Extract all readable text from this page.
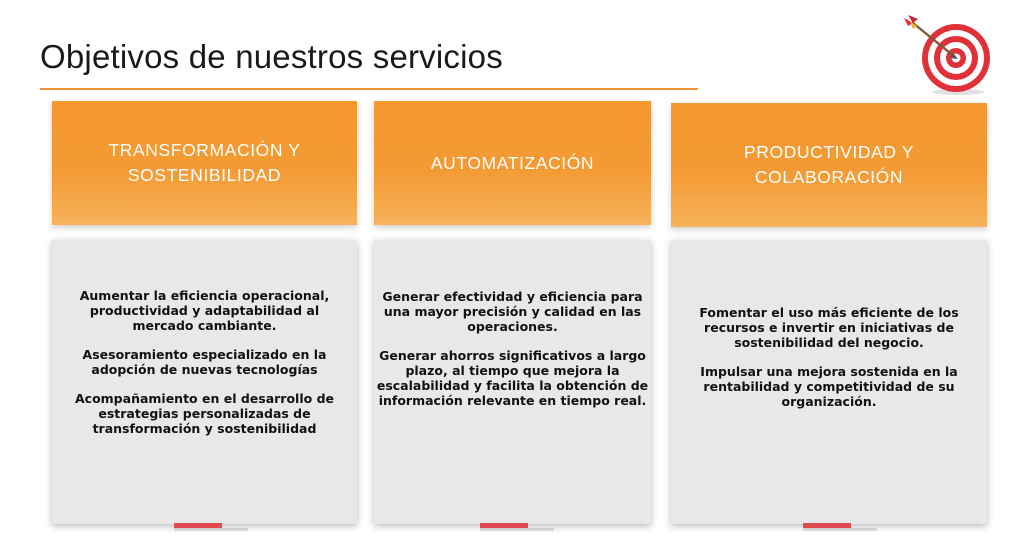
Objetivos de nuestros servicios
TRANSFORMACIÓN Y SOSTENIBILIDAD

Aumentar la eficiencia operacional, productividad y adaptabilidad al mercado cambiante.

Asesoramiento especializado en la adopción de nuevas tecnologías

Acompañamiento en el desarrollo de estrategias personalizadas de transformación y sostenibilidad

AUTOMATIZACIÓN

Generar efectividad y eficiencia para una mayor precisión y calidad en las operaciones.

Generar ahorros significativos a largo plazo, al tiempo que mejora la escalabilidad y facilita la obtención de información relevante en tiempo real.

PRODUCTIVIDAD Y COLABORACIÓN

Fomentar el uso más eficiente de los recursos e invertir en iniciativas de sostenibilidad del negocio.

Impulsar una mejora sostenida en la rentabilidad y competitividad de su organización.
